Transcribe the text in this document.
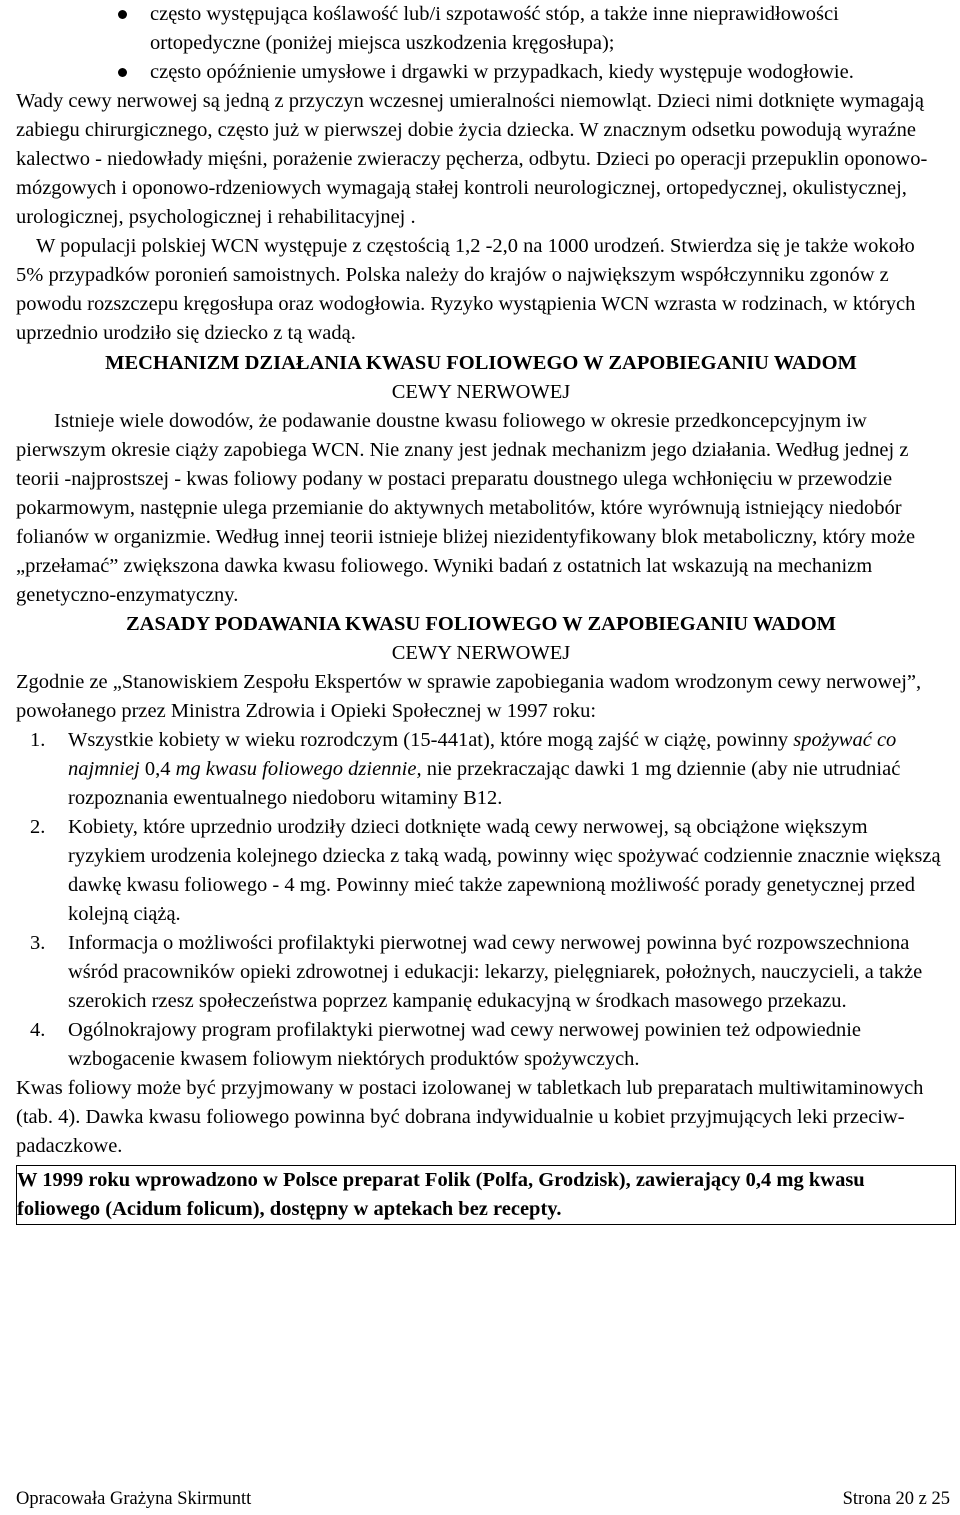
często występująca koślawość lub/i szpotawość stóp, a także inne nieprawidłowości ortopedyczne (poniżej miejsca uszkodzenia kręgosłupa);
często opóźnienie umysłowe i drgawki w przypadkach, kiedy występuje wodogłowie.

Wady cewy nerwowej są jedną z przyczyn wczesnej umieralności niemowląt. Dzieci nimi dotknięte wymagają zabiegu chirurgicznego, często już w pierwszej dobie życia dziecka. W znacznym odsetku powodują wyraźne kalectwo - niedowłady mięśni, porażenie zwieraczy pęcherza, odbytu. Dzieci po operacji przepuklin oponowo-mózgowych i oponowo-rdzeniowych wymagają stałej kontroli neurologicznej, ortopedycznej, okulistycznej, urologicznej, psychologicznej i rehabilitacyjnej .

W populacji polskiej WCN występuje z częstością 1,2 -2,0 na 1000 urodzeń. Stwierdza się je także wokoło 5% przypadków poronień samoistnych. Polska należy do krajów o największym współczynniku zgonów z powodu rozszczepu kręgosłupa oraz wodogłowia. Ryzyko wystąpienia WCN wzrasta w rodzinach, w których uprzednio urodziło się dziecko z tą wadą.

MECHANIZM DZIAŁANIA KWASU FOLIOWEGO W ZAPOBIEGANIU WADOM
CEWY NERWOWEJ

Istnieje wiele dowodów, że podawanie doustne kwasu foliowego w okresie przedkoncepcyjnym iw pierwszym okresie ciąży zapobiega WCN. Nie znany jest jednak mechanizm jego działania. Według jednej z teorii -najprostszej - kwas foliowy podany w postaci preparatu doustnego ulega wchłonięciu w przewodzie pokarmowym, następnie ulega przemianie do aktywnych metabolitów, które wyrównują istniejący niedobór folianów w organizmie. Według innej teorii istnieje bliżej niezidentyfikowany blok metaboliczny, który może „przełamać” zwiększona dawka kwasu foliowego. Wyniki badań z ostatnich lat wskazują na mechanizm genetyczno-enzymatyczny.

ZASADY PODAWANIA KWASU FOLIOWEGO W ZAPOBIEGANIU WADOM
CEWY NERWOWEJ

Zgodnie ze „Stanowiskiem Zespołu Ekspertów w sprawie zapobiegania wadom wrodzonym cewy nerwowej”, powołanego przez Ministra Zdrowia i Opieki Społecznej w 1997 roku:

1. Wszystkie kobiety w wieku rozrodczym (15-441at), które mogą zajść w ciążę, powinny spożywać co najmniej 0,4 mg kwasu foliowego dziennie, nie przekraczając dawki 1 mg dziennie (aby nie utrudniać rozpoznania ewentualnego niedoboru witaminy B12.
2. Kobiety, które uprzednio urodziły dzieci dotknięte wadą cewy nerwowej, są obciążone większym ryzykiem urodzenia kolejnego dziecka z taką wadą, powinny więc spożywać codziennie znacznie większą dawkę kwasu foliowego - 4 mg. Powinny mieć także zapewnioną możliwość porady genetycznej przed kolejną ciążą.
3. Informacja o możliwości profilaktyki pierwotnej wad cewy nerwowej powinna być rozpowszechniona wśród pracowników opieki zdrowotnej i edukacji: lekarzy, pielęgniarek, położnych, nauczycieli, a także szerokich rzesz społeczeństwa poprzez kampanię edukacyjną w środkach masowego przekazu.
4. Ogólnokrajowy program profilaktyki pierwotnej wad cewy nerwowej powinien też odpowiednie wzbogacenie kwasem foliowym niektórych produktów spożywczych.

Kwas foliowy może być przyjmowany w postaci izolowanej w tabletkach lub preparatach multiwitaminowych (tab. 4). Dawka kwasu foliowego powinna być dobrana indywidualnie u kobiet przyjmujących leki przeciw- padaczkowe.

W 1999 roku wprowadzono w Polsce preparat Folik (Polfa, Grodzisk), zawierający 0,4 mg kwasu foliowego (Acidum folicum), dostępny w aptekach bez recepty.
Opracowała Grażyna Skirmuntt	Strona 20 z 25
